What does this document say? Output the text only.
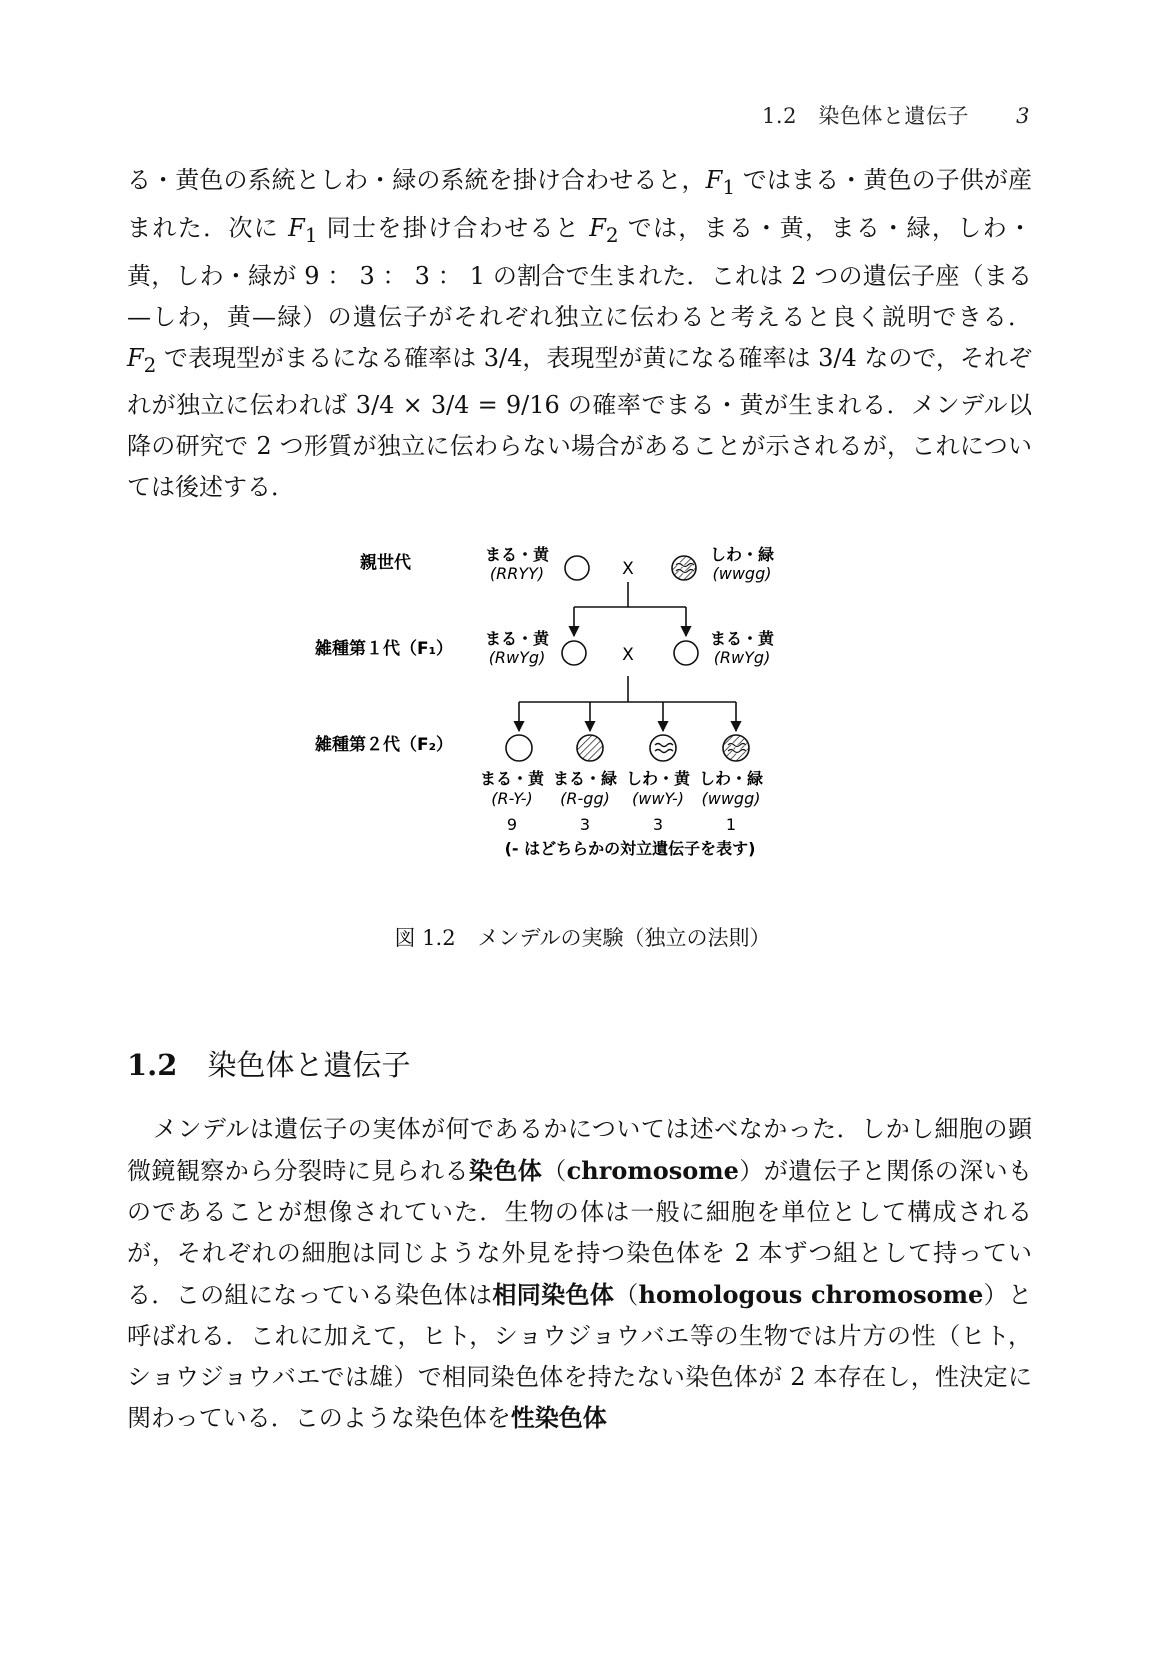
1.2　染色体と遺伝子 3

る・黄色の系統としわ・緑の系統を掛け合わせると，$F_1$ ではまる・黄色の子供が産まれた．次に $F_1$ 同士を掛け合わせると $F_2$ では，まる・黄，まる・緑，しわ・黄，しわ・緑が 9 ： 3 ： 3 ： 1 の割合で生まれた．これは 2 つの遺伝子座（まる—しわ，黄—緑）の遺伝子がそれぞれ独立に伝わると考えると良く説明できる．$F_2$ で表現型がまるになる確率は 3/4，表現型が黄になる確率は 3/4 なので，それぞれが独立に伝われば 3/4 × 3/4 = 9/16 の確率でまる・黄が生まれる．メンデル以降の研究で 2 つ形質が独立に伝わらない場合があることが示されるが，これについては後述する．

親世代
雑種第１代（F₁）
雑種第２代（F₂）
まる・黄
(RRYY)	X
しわ・緑
(wwgg)
まる・黄
(RwYg)	X
まる・黄
(RwYg)
まる・黄 まる・緑 しわ・黄 しわ・緑
(R-Y-) (R-gg) (wwY-) (wwgg)
9	3	3	1
(- はどちらかの対立遺伝子を表す)
図 1.2 メンデルの実験（独立の法則）
1.2 染色体と遺伝子

メンデルは遺伝子の実体が何であるかについては述べなかった．しかし細胞の顕微鏡観察から分裂時に見られる染色体（chromosome）が遺伝子と関係の深いものであることが想像されていた．生物の体は一般に細胞を単位として構成されるが，それぞれの細胞は同じような外見を持つ染色体を 2 本ずつ組として持っている．この組になっている染色体は相同染色体（homologous chromosome）と呼ばれる．これに加えて，ヒト，ショウジョウバエ等の生物では片方の性（ヒト，ショウジョウバエでは雄）で相同染色体を持たない染色体が 2 本存在し，性決定に関わっている．このような染色体を性染色体
